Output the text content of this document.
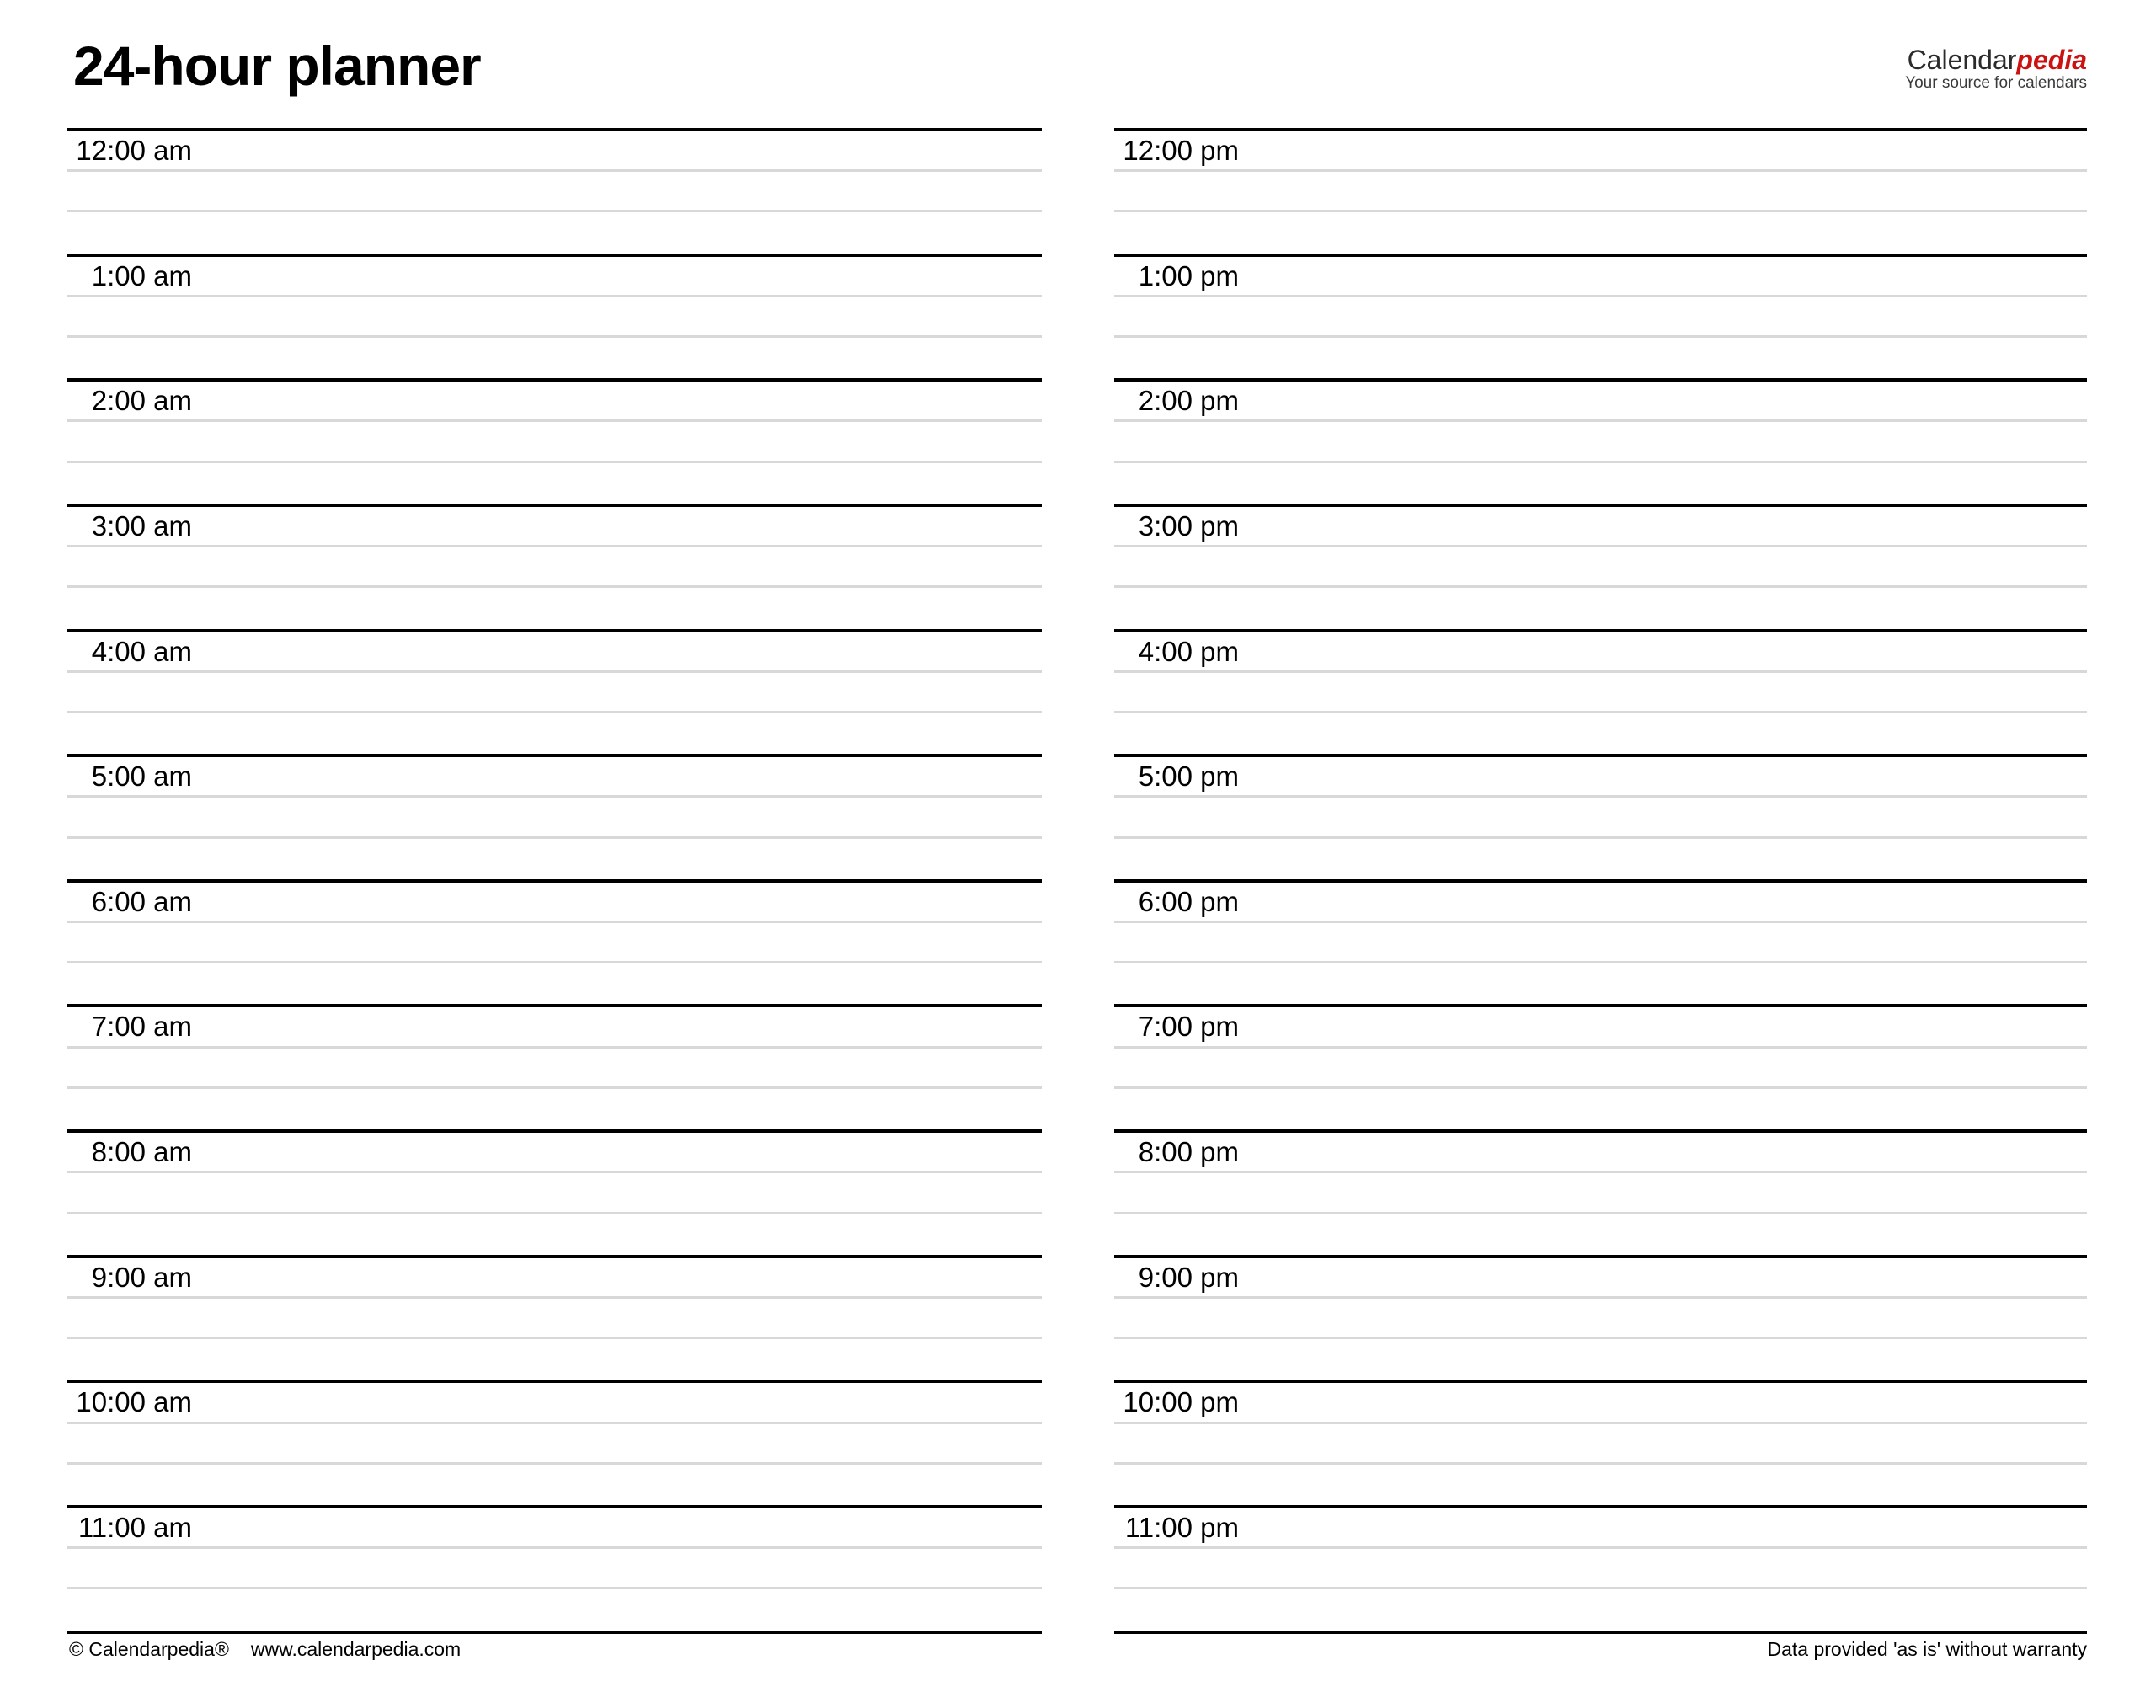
24-hour planner	Calendarpedia
Your source for calendars
12:00 am
1:00 am
2:00 am
3:00 am
4:00 am
5:00 am
6:00 am
7:00 am
8:00 am
9:00 am
10:00 am
11:00 am
12:00 pm
1:00 pm
2:00 pm
3:00 pm
4:00 pm
5:00 pm
6:00 pm
7:00 pm
8:00 pm
9:00 pm
10:00 pm
11:00 pm
© Calendarpedia® www.calendarpedia.com	Data provided 'as is' without warranty
